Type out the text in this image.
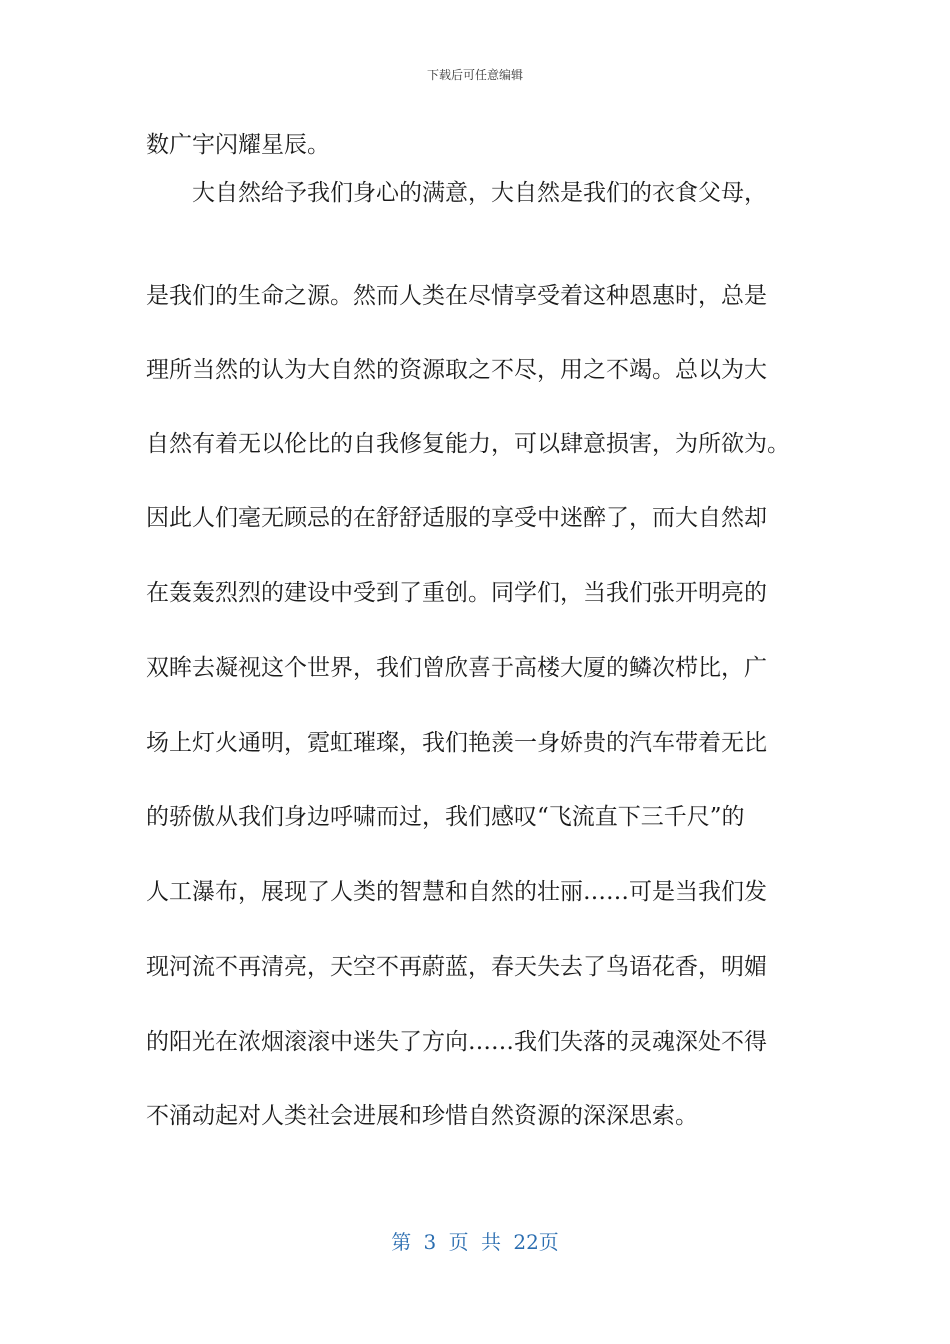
下载后可任意编辑
数广宇闪耀星辰。
大自然给予我们身心的满意，大自然是我们的衣食父母，
是我们的生命之源。然而人类在尽情享受着这种恩惠时，总是
理所当然的认为大自然的资源取之不尽，用之不竭。总以为大
自然有着无以伦比的自我修复能力，可以肆意损害，为所欲为。
因此人们毫无顾忌的在舒舒适服的享受中迷醉了，而大自然却
在轰轰烈烈的建设中受到了重创。同学们，当我们张开明亮的
双眸去凝视这个世界，我们曾欣喜于高楼大厦的鳞次栉比，广
场上灯火通明，霓虹璀璨，我们艳羡一身娇贵的汽车带着无比
的骄傲从我们身边呼啸而过，我们感叹“飞流直下三千尺”的
人工瀑布，展现了人类的智慧和自然的壮丽……可是当我们发
现河流不再清亮，天空不再蔚蓝，春天失去了鸟语花香，明媚
的阳光在浓烟滚滚中迷失了方向……我们失落的灵魂深处不得
不涌动起对人类社会进展和珍惜自然资源的深深思索。
第 3 页 共 22页
